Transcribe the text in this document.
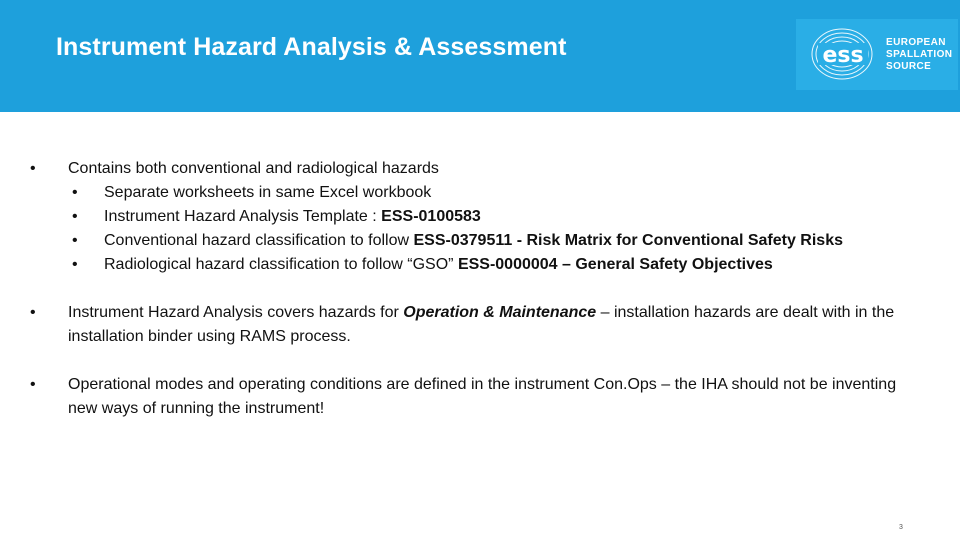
Instrument Hazard Analysis & Assessment	ess
EUROPEAN
SPALLATION
SOURCE
• Contains both conventional and radiological hazards
• Separate worksheets in same Excel workbook
• Instrument Hazard Analysis Template : ESS-0100583
• Conventional hazard classification to follow ESS-0379511 - Risk Matrix for Conventional Safety Risks
• Radiological hazard classification to follow “GSO” ESS-0000004 – General Safety Objectives
• Instrument Hazard Analysis covers hazards for Operation & Maintenance – installation hazards are dealt with in the installation binder using RAMS process.
• Operational modes and operating conditions are defined in the instrument Con.Ops – the IHA should not be inventing new ways of running the instrument!
3
